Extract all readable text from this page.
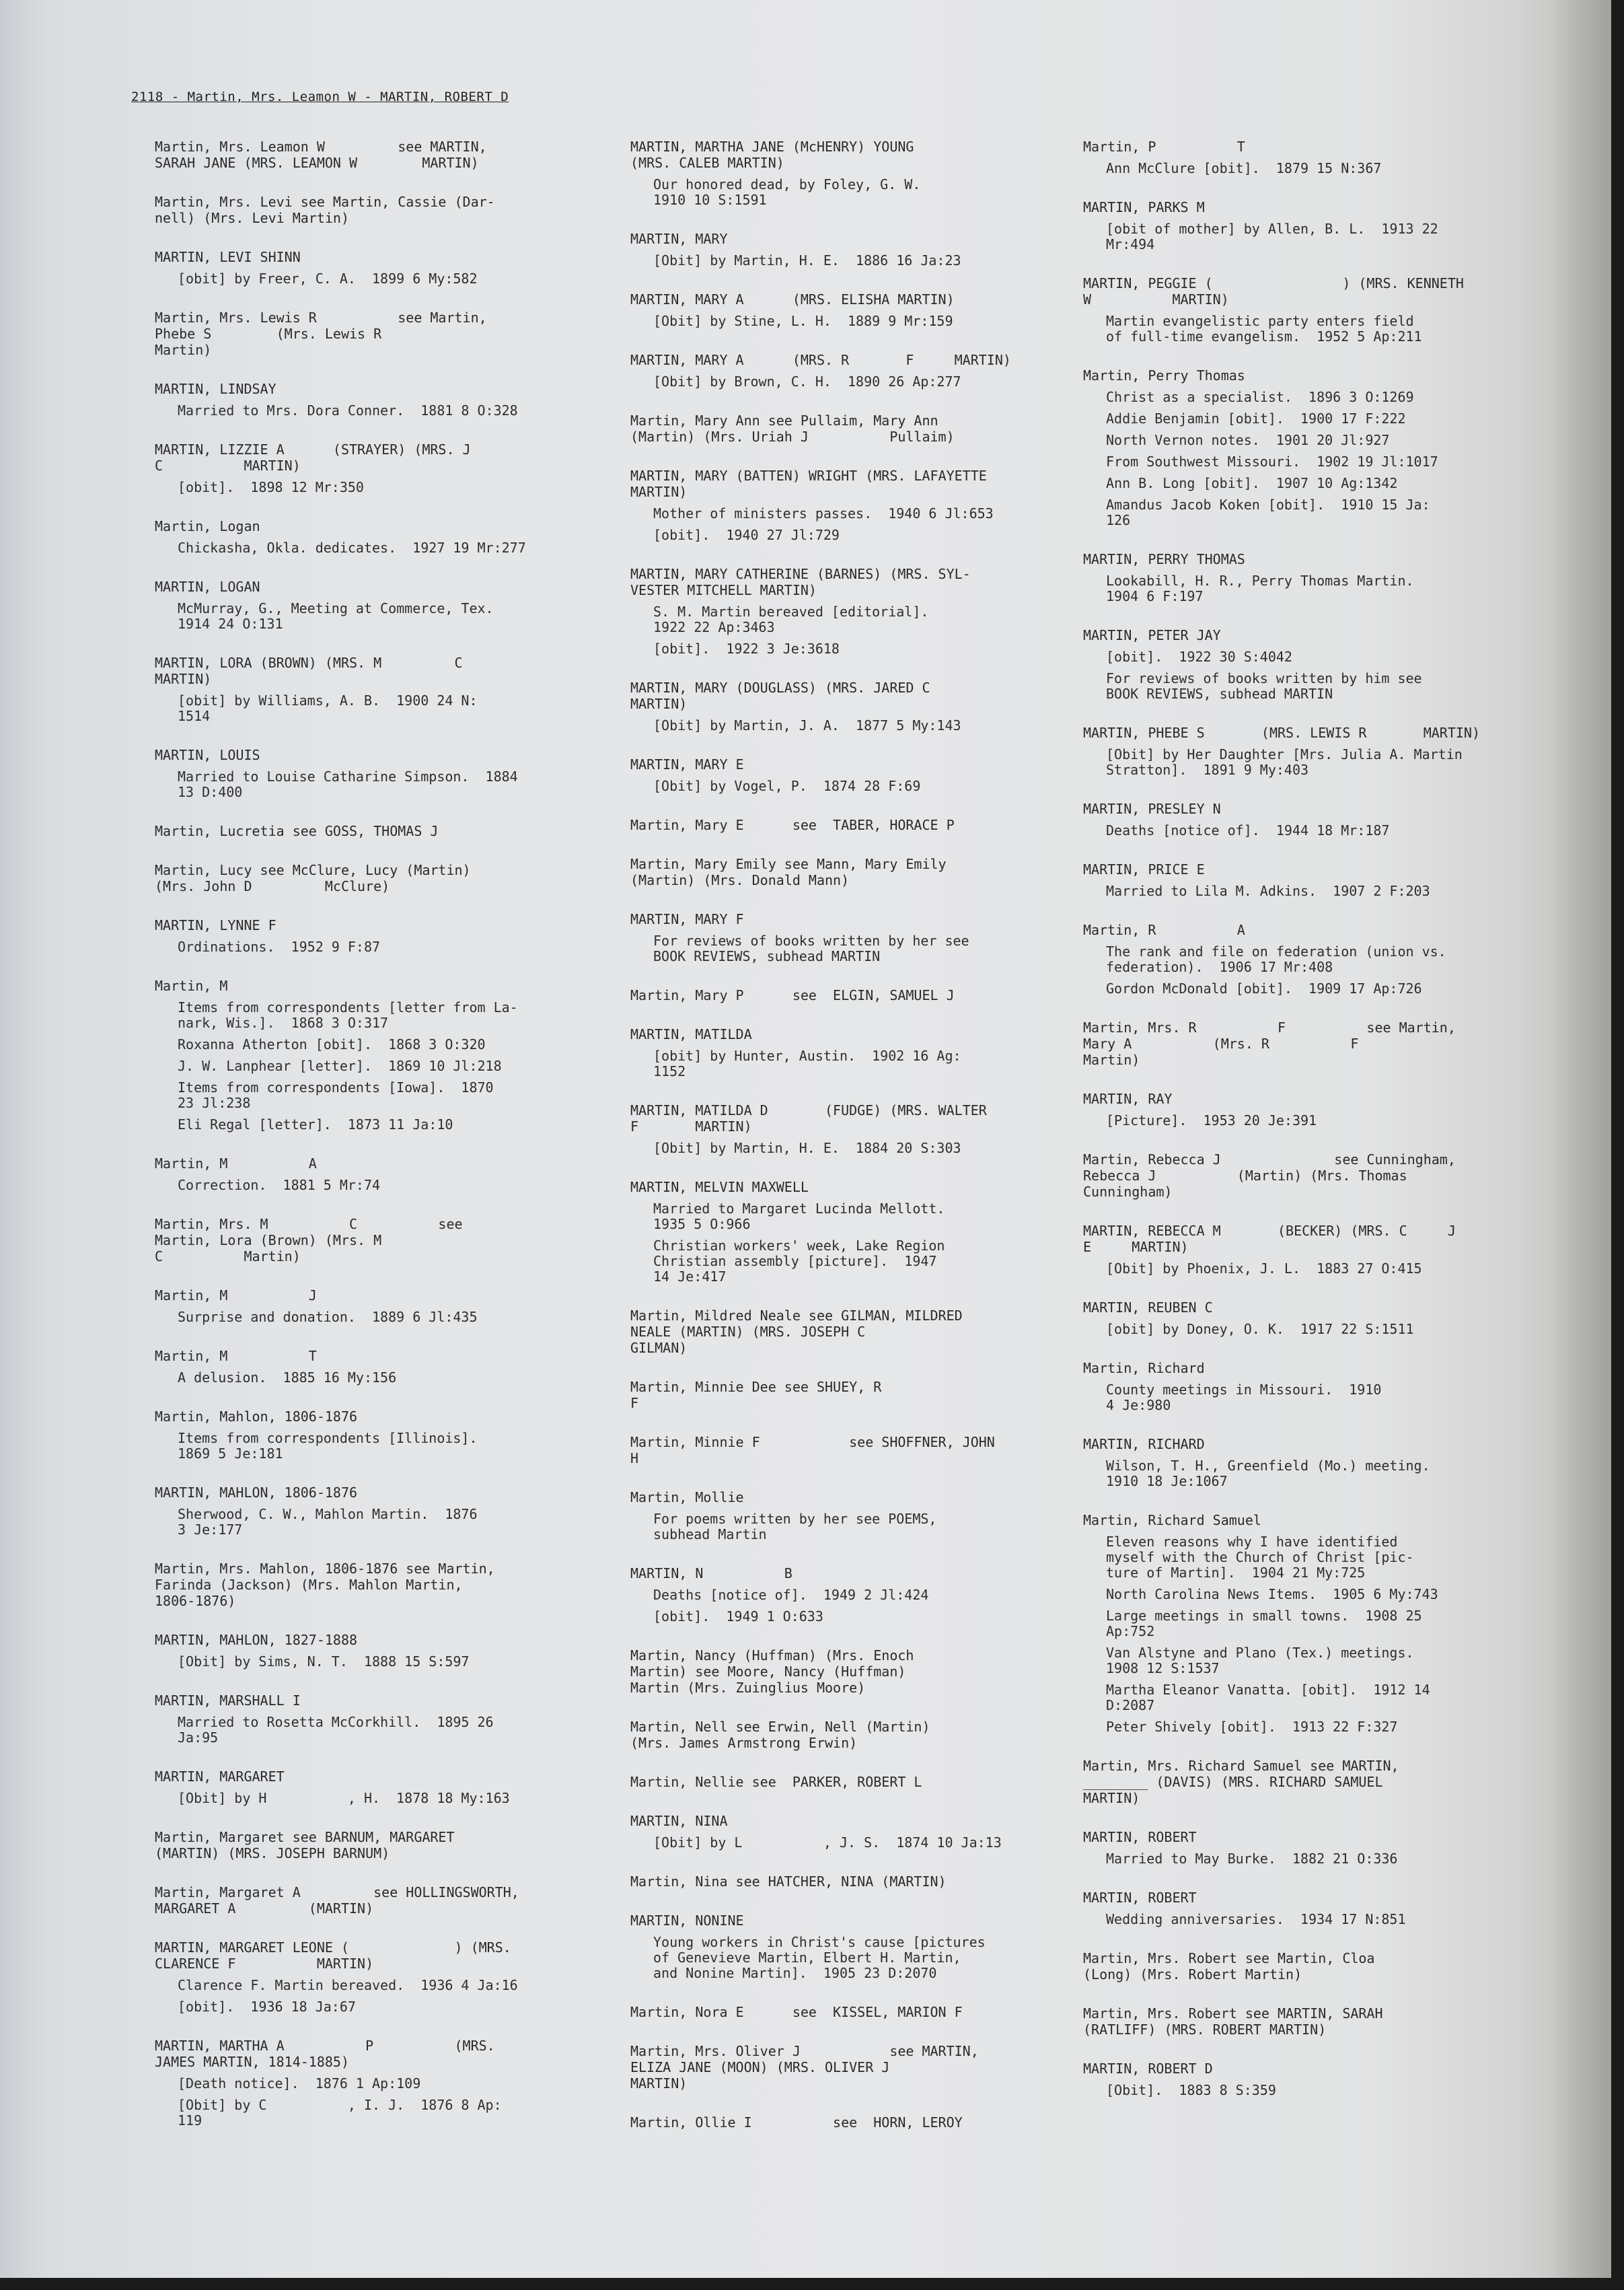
2118 - Martin, Mrs. Leamon W - MARTIN, ROBERT D
Martin, Mrs. Leamon W         see MARTIN,
SARAH JANE (MRS. LEAMON W        MARTIN)
Martin, Mrs. Levi see Martin, Cassie (Dar-
nell) (Mrs. Levi Martin)
MARTIN, LEVI SHINN
[obit] by Freer, C. A.  1899 6 My:582
Martin, Mrs. Lewis R          see Martin,
Phebe S        (Mrs. Lewis R
Martin)
MARTIN, LINDSAY
Married to Mrs. Dora Conner.  1881 8 O:328
MARTIN, LIZZIE A      (STRAYER) (MRS. J
C          MARTIN)
[obit].  1898 12 Mr:350
Martin, Logan
Chickasha, Okla. dedicates.  1927 19 Mr:277
MARTIN, LOGAN
McMurray, G., Meeting at Commerce, Tex.
1914 24 O:131
MARTIN, LORA (BROWN) (MRS. M         C
MARTIN)
[obit] by Williams, A. B.  1900 24 N:
1514
MARTIN, LOUIS
Married to Louise Catharine Simpson.  1884
13 D:400
Martin, Lucretia see GOSS, THOMAS J
Martin, Lucy see McClure, Lucy (Martin)
(Mrs. John D         McClure)
MARTIN, LYNNE F
Ordinations.  1952 9 F:87
Martin, M
Items from correspondents [letter from La-
nark, Wis.].  1868 3 O:317
Roxanna Atherton [obit].  1868 3 O:320
J. W. Lanphear [letter].  1869 10 Jl:218
Items from correspondents [Iowa].  1870
23 Jl:238
Eli Regal [letter].  1873 11 Ja:10
Martin, M          A
Correction.  1881 5 Mr:74
Martin, Mrs. M          C          see
Martin, Lora (Brown) (Mrs. M
C          Martin)
Martin, M          J
Surprise and donation.  1889 6 Jl:435
Martin, M          T
A delusion.  1885 16 My:156
Martin, Mahlon, 1806-1876
Items from correspondents [Illinois].
1869 5 Je:181
MARTIN, MAHLON, 1806-1876
Sherwood, C. W., Mahlon Martin.  1876
3 Je:177
Martin, Mrs. Mahlon, 1806-1876 see Martin,
Farinda (Jackson) (Mrs. Mahlon Martin,
1806-1876)
MARTIN, MAHLON, 1827-1888
[Obit] by Sims, N. T.  1888 15 S:597
MARTIN, MARSHALL I
Married to Rosetta McCorkhill.  1895 26
Ja:95
MARTIN, MARGARET
[Obit] by H          , H.  1878 18 My:163
Martin, Margaret see BARNUM, MARGARET
(MARTIN) (MRS. JOSEPH BARNUM)
Martin, Margaret A         see HOLLINGSWORTH,
MARGARET A         (MARTIN)
MARTIN, MARGARET LEONE (             ) (MRS.
CLARENCE F          MARTIN)
Clarence F. Martin bereaved.  1936 4 Ja:16
[obit].  1936 18 Ja:67
MARTIN, MARTHA A          P          (MRS.
JAMES MARTIN, 1814-1885)
[Death notice].  1876 1 Ap:109
[Obit] by C          , I. J.  1876 8 Ap:
119
MARTIN, MARTHA JANE (McHENRY) YOUNG
(MRS. CALEB MARTIN)
Our honored dead, by Foley, G. W.
1910 10 S:1591
MARTIN, MARY
[Obit] by Martin, H. E.  1886 16 Ja:23
MARTIN, MARY A      (MRS. ELISHA MARTIN)
[Obit] by Stine, L. H.  1889 9 Mr:159
MARTIN, MARY A      (MRS. R       F     MARTIN)
[Obit] by Brown, C. H.  1890 26 Ap:277
Martin, Mary Ann see Pullaim, Mary Ann
(Martin) (Mrs. Uriah J          Pullaim)
MARTIN, MARY (BATTEN) WRIGHT (MRS. LAFAYETTE
MARTIN)
Mother of ministers passes.  1940 6 Jl:653
[obit].  1940 27 Jl:729
MARTIN, MARY CATHERINE (BARNES) (MRS. SYL-
VESTER MITCHELL MARTIN)
S. M. Martin bereaved [editorial].
1922 22 Ap:3463
[obit].  1922 3 Je:3618
MARTIN, MARY (DOUGLASS) (MRS. JARED C
MARTIN)
[Obit] by Martin, J. A.  1877 5 My:143
MARTIN, MARY E
[Obit] by Vogel, P.  1874 28 F:69
Martin, Mary E      see  TABER, HORACE P
Martin, Mary Emily see Mann, Mary Emily
(Martin) (Mrs. Donald Mann)
MARTIN, MARY F
For reviews of books written by her see
BOOK REVIEWS, subhead MARTIN
Martin, Mary P      see  ELGIN, SAMUEL J
MARTIN, MATILDA
[obit] by Hunter, Austin.  1902 16 Ag:
1152
MARTIN, MATILDA D       (FUDGE) (MRS. WALTER
F       MARTIN)
[Obit] by Martin, H. E.  1884 20 S:303
MARTIN, MELVIN MAXWELL
Married to Margaret Lucinda Mellott.
1935 5 O:966
Christian workers' week, Lake Region
Christian assembly [picture].  1947
14 Je:417
Martin, Mildred Neale see GILMAN, MILDRED
NEALE (MARTIN) (MRS. JOSEPH C
GILMAN)
Martin, Minnie Dee see SHUEY, R
F
Martin, Minnie F           see SHOFFNER, JOHN
H
Martin, Mollie
For poems written by her see POEMS,
subhead Martin
MARTIN, N          B
Deaths [notice of].  1949 2 Jl:424
[obit].  1949 1 O:633
Martin, Nancy (Huffman) (Mrs. Enoch
Martin) see Moore, Nancy (Huffman)
Martin (Mrs. Zuinglius Moore)
Martin, Nell see Erwin, Nell (Martin)
(Mrs. James Armstrong Erwin)
Martin, Nellie see  PARKER, ROBERT L
MARTIN, NINA
[Obit] by L          , J. S.  1874 10 Ja:13
Martin, Nina see HATCHER, NINA (MARTIN)
MARTIN, NONINE
Young workers in Christ's cause [pictures
of Genevieve Martin, Elbert H. Martin,
and Nonine Martin].  1905 23 D:2070
Martin, Nora E      see  KISSEL, MARION F
Martin, Mrs. Oliver J           see MARTIN,
ELIZA JANE (MOON) (MRS. OLIVER J
MARTIN)
Martin, Ollie I          see  HORN, LEROY
Martin, P          T
Ann McClure [obit].  1879 15 N:367
MARTIN, PARKS M
[obit of mother] by Allen, B. L.  1913 22
Mr:494
MARTIN, PEGGIE (                ) (MRS. KENNETH
W          MARTIN)
Martin evangelistic party enters field
of full-time evangelism.  1952 5 Ap:211
Martin, Perry Thomas
Christ as a specialist.  1896 3 O:1269
Addie Benjamin [obit].  1900 17 F:222
North Vernon notes.  1901 20 Jl:927
From Southwest Missouri.  1902 19 Jl:1017
Ann B. Long [obit].  1907 10 Ag:1342
Amandus Jacob Koken [obit].  1910 15 Ja:
126
MARTIN, PERRY THOMAS
Lookabill, H. R., Perry Thomas Martin.
1904 6 F:197
MARTIN, PETER JAY
[obit].  1922 30 S:4042
For reviews of books written by him see
BOOK REVIEWS, subhead MARTIN
MARTIN, PHEBE S       (MRS. LEWIS R       MARTIN)
[Obit] by Her Daughter [Mrs. Julia A. Martin
Stratton].  1891 9 My:403
MARTIN, PRESLEY N
Deaths [notice of].  1944 18 Mr:187
MARTIN, PRICE E
Married to Lila M. Adkins.  1907 2 F:203
Martin, R          A
The rank and file on federation (union vs.
federation).  1906 17 Mr:408
Gordon McDonald [obit].  1909 17 Ap:726
Martin, Mrs. R          F          see Martin,
Mary A          (Mrs. R          F
Martin)
MARTIN, RAY
[Picture].  1953 20 Je:391
Martin, Rebecca J              see Cunningham,
Rebecca J          (Martin) (Mrs. Thomas
Cunningham)
MARTIN, REBECCA M       (BECKER) (MRS. C     J
E     MARTIN)
[Obit] by Phoenix, J. L.  1883 27 O:415
MARTIN, REUBEN C
[obit] by Doney, O. K.  1917 22 S:1511
Martin, Richard
County meetings in Missouri.  1910
4 Je:980
MARTIN, RICHARD
Wilson, T. H., Greenfield (Mo.) meeting.
1910 18 Je:1067
Martin, Richard Samuel
Eleven reasons why I have identified
myself with the Church of Christ [pic-
ture of Martin].  1904 21 My:725
North Carolina News Items.  1905 6 My:743
Large meetings in small towns.  1908 25
Ap:752
Van Alstyne and Plano (Tex.) meetings.
1908 12 S:1537
Martha Eleanor Vanatta. [obit].  1912 14
D:2087
Peter Shively [obit].  1913 22 F:327
Martin, Mrs. Richard Samuel see MARTIN,
________ (DAVIS) (MRS. RICHARD SAMUEL
MARTIN)
MARTIN, ROBERT
Married to May Burke.  1882 21 O:336
MARTIN, ROBERT
Wedding anniversaries.  1934 17 N:851
Martin, Mrs. Robert see Martin, Cloa
(Long) (Mrs. Robert Martin)
Martin, Mrs. Robert see MARTIN, SARAH
(RATLIFF) (MRS. ROBERT MARTIN)
MARTIN, ROBERT D
[Obit].  1883 8 S:359
